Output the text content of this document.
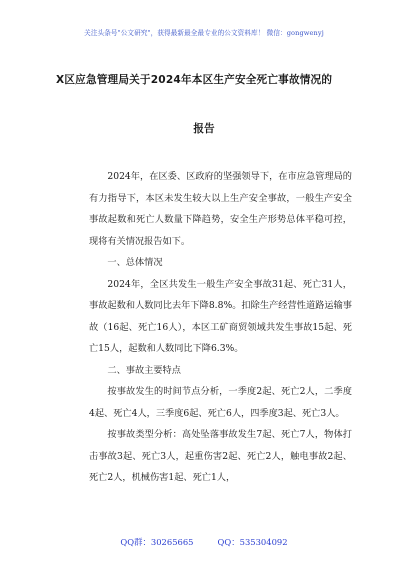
关注头条号"公文研究"，获得最新最全最专业的公文资料库！ 微信：gongwenyj
X区应急管理局关于2024年本区生产安全死亡事故情况的
报告

2024年，在区委、区政府的坚强领导下，在市应急管理局的有力指导下，本区未发生较大以上生产安全事故，一般生产安全事故起数和死亡人数量下降趋势，安全生产形势总体平稳可控，现将有关情况报告如下。

一、总体情况

2024年，全区共发生一般生产安全事故31起、死亡31人，事故起数和人数同比去年下降8.8%。扣除生产经营性道路运输事故（16起、死亡16人），本区工矿商贸领域共发生事故15起、死亡15人，起数和人数同比下降6.3%。

二、事故主要特点

按事故发生的时间节点分析，一季度2起、死亡2人，二季度4起、死亡4人，三季度6起、死亡6人，四季度3起、死亡3人。

按事故类型分析：高处坠落事故发生7起、死亡7人，物体打击事故3起、死亡3人，起重伤害2起、死亡2人，触电事故2起、死亡2人，机械伤害1起、死亡1人，

QQ群：30265665	QQ：535304092
